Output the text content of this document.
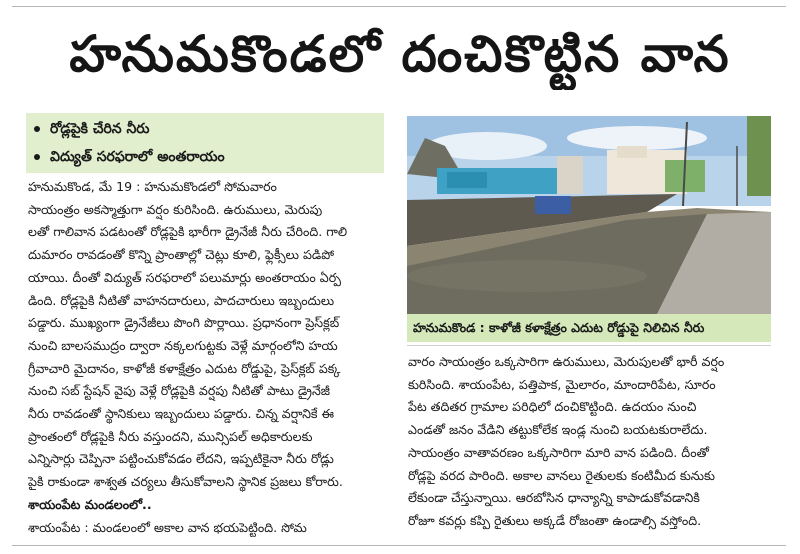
హనుమకొండలో దంచికొట్టిన వాన
రోడ్లపైకి చేరిన నీరు
విద్యుత్‌ సరఫరాలో అంతరాయం

హనుమకొండ, మే 19 : హనుమకొండలో సోమవారం

సాయంత్రం అకస్మాత్తుగా వర్షం కురిసింది. ఉరుములు, మెరుపు

లతో గాలివాన పడటంతో రోడ్లపైకి భారీగా డ్రైనేజీ నీరు చేరింది. గాలి

దుమారం రావడంతో కొన్ని ప్రాంతాల్లో చెట్లు కూలి, ఫ్లెక్సీలు పడిపో

యాయి. దీంతో విద్యుత్‌ సరఫరాలో పలుమార్లు అంతరాయం ఏర్ప

డింది. రోడ్లపైకి నీటితో వాహనదారులు, పాదచారులు ఇబ్బందులు

పడ్డారు. ముఖ్యంగా డ్రైనేజీలు పొంగి పొర్లాయి. ప్రధానంగా ప్రెస్‌క్లబ్‌

నుంచి బాలసముద్రం ద్వారా నక్కలగుట్టకు వెళ్లే మార్గంలోని హయ

గ్రీవాచారి మైదానం, కాళోజీ కళాక్షేత్రం ఎదుట రోడ్డుపై, ప్రెస్‌క్లబ్‌ పక్క

నుంచి సబ్‌ స్టేషన్‌ వైపు వెళ్లే రోడ్లపైకి వర్షపు నీటితో పాటు డ్రైనేజీ

నీరు రావడంతో స్థానికులు ఇబ్బందులు పడ్డారు. చిన్న వర్షానికే ఈ

ప్రాంతంలో రోడ్లపైకి నీరు వస్తుందని, మున్సిపల్‌ అధికారులకు

ఎన్నిసార్లు చెప్పినా పట్టించుకోవడం లేదని, ఇప్పటికైనా నీరు రోడ్లు

పైకి రాకుండా శాశ్వత చర్యలు తీసుకోవాలని స్థానిక ప్రజలు కోరారు.

శాయంపేట మండలంలో..

శాయంపేట : మండలంలో అకాల వాన భయపెట్టింది. సోమ

హనుమకొండ : కాళోజీ కళాక్షేత్రం ఎదుట రోడ్డుపై నిలిచిన నీరు

వారం సాయంత్రం ఒక్కసారిగా ఉరుములు, మెరుపులతో భారీ వర్షం

కురిసింది. శాయంపేట, పత్తిపాక, మైలారం, మాందారిపేట, సూరం

పేట తదితర గ్రామాల పరిధిలో దంచికొట్టింది. ఉదయం నుంచి

ఎండతో జనం వేడిని తట్టుకోలేక ఇండ్ల నుంచి బయటకురాలేదు.

సాయంత్రం వాతావరణం ఒక్కసారిగా మారి వాన పడింది. దీంతో

రోడ్లపై వరద పారింది. అకాల వానలు రైతులకు కంటిమీద కునుకు

లేకుండా చేస్తున్నాయి. ఆరబోసిన ధాన్యాన్ని కాపాడుకోవడానికి

రోజూ కవర్లు కప్పి రైతులు అక్కడే రోజంతా ఉండాల్సి వస్తోంది.
